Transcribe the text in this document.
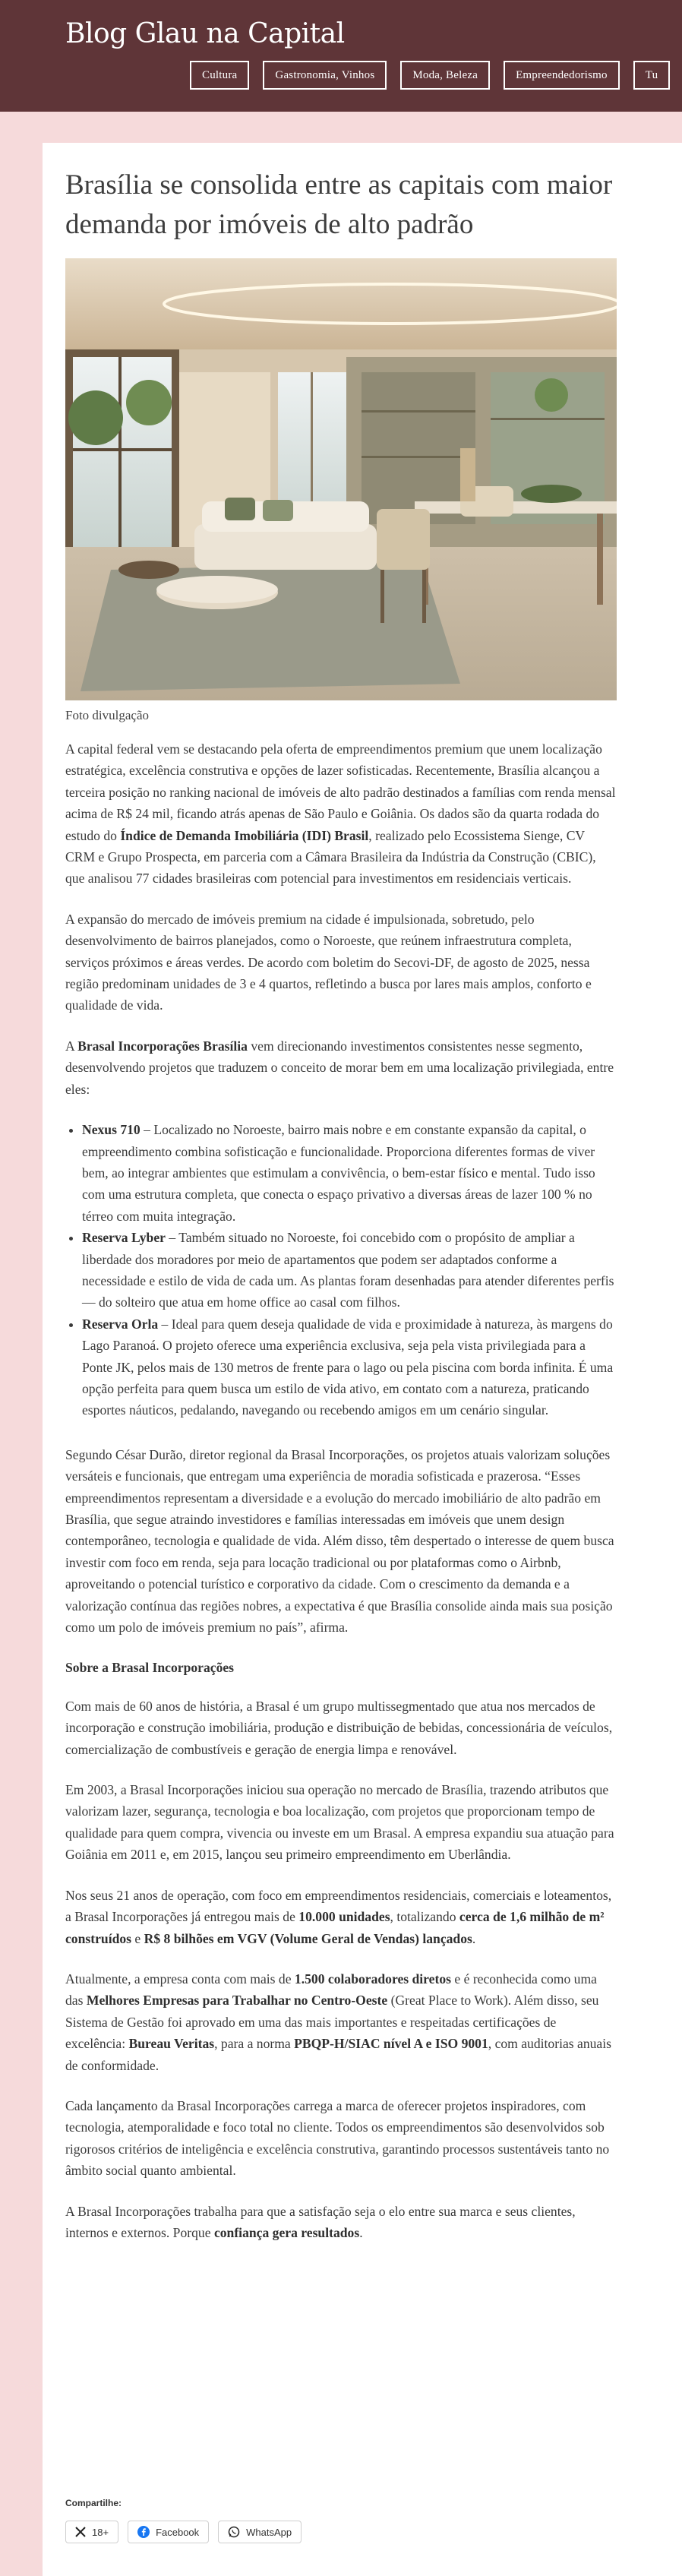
Blog Glau na Capital
Cultura	Gastronomia, Vinhos	Moda, Beleza	Empreendedorismo	Tu
Brasília se consolida entre as capitais com maior demanda por imóveis de alto padrão
Foto divulgação

A capital federal vem se destacando pela oferta de empreendimentos premium que unem localização estratégica, excelência construtiva e opções de lazer sofisticadas. Recentemente, Brasília alcançou a terceira posição no ranking nacional de imóveis de alto padrão destinados a famílias com renda mensal acima de R$ 24 mil, ficando atrás apenas de São Paulo e Goiânia. Os dados são da quarta rodada do estudo do Índice de Demanda Imobiliária (IDI) Brasil, realizado pelo Ecossistema Sienge, CV CRM e Grupo Prospecta, em parceria com a Câmara Brasileira da Indústria da Construção (CBIC), que analisou 77 cidades brasileiras com potencial para investimentos em residenciais verticais.

A expansão do mercado de imóveis premium na cidade é impulsionada, sobretudo, pelo desenvolvimento de bairros planejados, como o Noroeste, que reúnem infraestrutura completa, serviços próximos e áreas verdes. De acordo com boletim do Secovi-DF, de agosto de 2025, nessa região predominam unidades de 3 e 4 quartos, refletindo a busca por lares mais amplos, conforto e qualidade de vida.

A Brasal Incorporações Brasília vem direcionando investimentos consistentes nesse segmento, desenvolvendo projetos que traduzem o conceito de morar bem em uma localização privilegiada, entre eles:

• Nexus 710 – Localizado no Noroeste, bairro mais nobre e em constante expansão da capital, o empreendimento combina sofisticação e funcionalidade. Proporciona diferentes formas de viver bem, ao integrar ambientes que estimulam a convivência, o bem-estar físico e mental. Tudo isso com uma estrutura completa, que conecta o espaço privativo a diversas áreas de lazer 100 % no térreo com muita integração.
• Reserva Lyber – Também situado no Noroeste, foi concebido com o propósito de ampliar a liberdade dos moradores por meio de apartamentos que podem ser adaptados conforme a necessidade e estilo de vida de cada um. As plantas foram desenhadas para atender diferentes perfis — do solteiro que atua em home office ao casal com filhos.
• Reserva Orla – Ideal para quem deseja qualidade de vida e proximidade à natureza, às margens do Lago Paranoá. O projeto oferece uma experiência exclusiva, seja pela vista privilegiada para a Ponte JK, pelos mais de 130 metros de frente para o lago ou pela piscina com borda infinita. É uma opção perfeita para quem busca um estilo de vida ativo, em contato com a natureza, praticando esportes náuticos, pedalando, navegando ou recebendo amigos em um cenário singular.

Segundo César Durão, diretor regional da Brasal Incorporações, os projetos atuais valorizam soluções versáteis e funcionais, que entregam uma experiência de moradia sofisticada e prazerosa. “Esses empreendimentos representam a diversidade e a evolução do mercado imobiliário de alto padrão em Brasília, que segue atraindo investidores e famílias interessadas em imóveis que unem design contemporâneo, tecnologia e qualidade de vida. Além disso, têm despertado o interesse de quem busca investir com foco em renda, seja para locação tradicional ou por plataformas como o Airbnb, aproveitando o potencial turístico e corporativo da cidade. Com o crescimento da demanda e a valorização contínua das regiões nobres, a expectativa é que Brasília consolide ainda mais sua posição como um polo de imóveis premium no país”, afirma.

Sobre a Brasal Incorporações

Com mais de 60 anos de história, a Brasal é um grupo multissegmentado que atua nos mercados de incorporação e construção imobiliária, produção e distribuição de bebidas, concessionária de veículos, comercialização de combustíveis e geração de energia limpa e renovável.

Em 2003, a Brasal Incorporações iniciou sua operação no mercado de Brasília, trazendo atributos que valorizam lazer, segurança, tecnologia e boa localização, com projetos que proporcionam tempo de qualidade para quem compra, vivencia ou investe em um Brasal. A empresa expandiu sua atuação para Goiânia em 2011 e, em 2015, lançou seu primeiro empreendimento em Uberlândia.

Nos seus 21 anos de operação, com foco em empreendimentos residenciais, comerciais e loteamentos, a Brasal Incorporações já entregou mais de 10.000 unidades, totalizando cerca de 1,6 milhão de m² construídos e R$ 8 bilhões em VGV (Volume Geral de Vendas) lançados.

Atualmente, a empresa conta com mais de 1.500 colaboradores diretos e é reconhecida como uma das Melhores Empresas para Trabalhar no Centro-Oeste (Great Place to Work). Além disso, seu Sistema de Gestão foi aprovado em uma das mais importantes e respeitadas certificações de excelência: Bureau Veritas, para a norma PBQP-H/SIAC nível A e ISO 9001, com auditorias anuais de conformidade.

Cada lançamento da Brasal Incorporações carrega a marca de oferecer projetos inspiradores, com tecnologia, atemporalidade e foco total no cliente. Todos os empreendimentos são desenvolvidos sob rigorosos critérios de inteligência e excelência construtiva, garantindo processos sustentáveis tanto no âmbito social quanto ambiental.

A Brasal Incorporações trabalha para que a satisfação seja o elo entre sua marca e seus clientes, internos e externos. Porque confiança gera resultados.

Compartilhe:
18+	Facebook	WhatsApp
